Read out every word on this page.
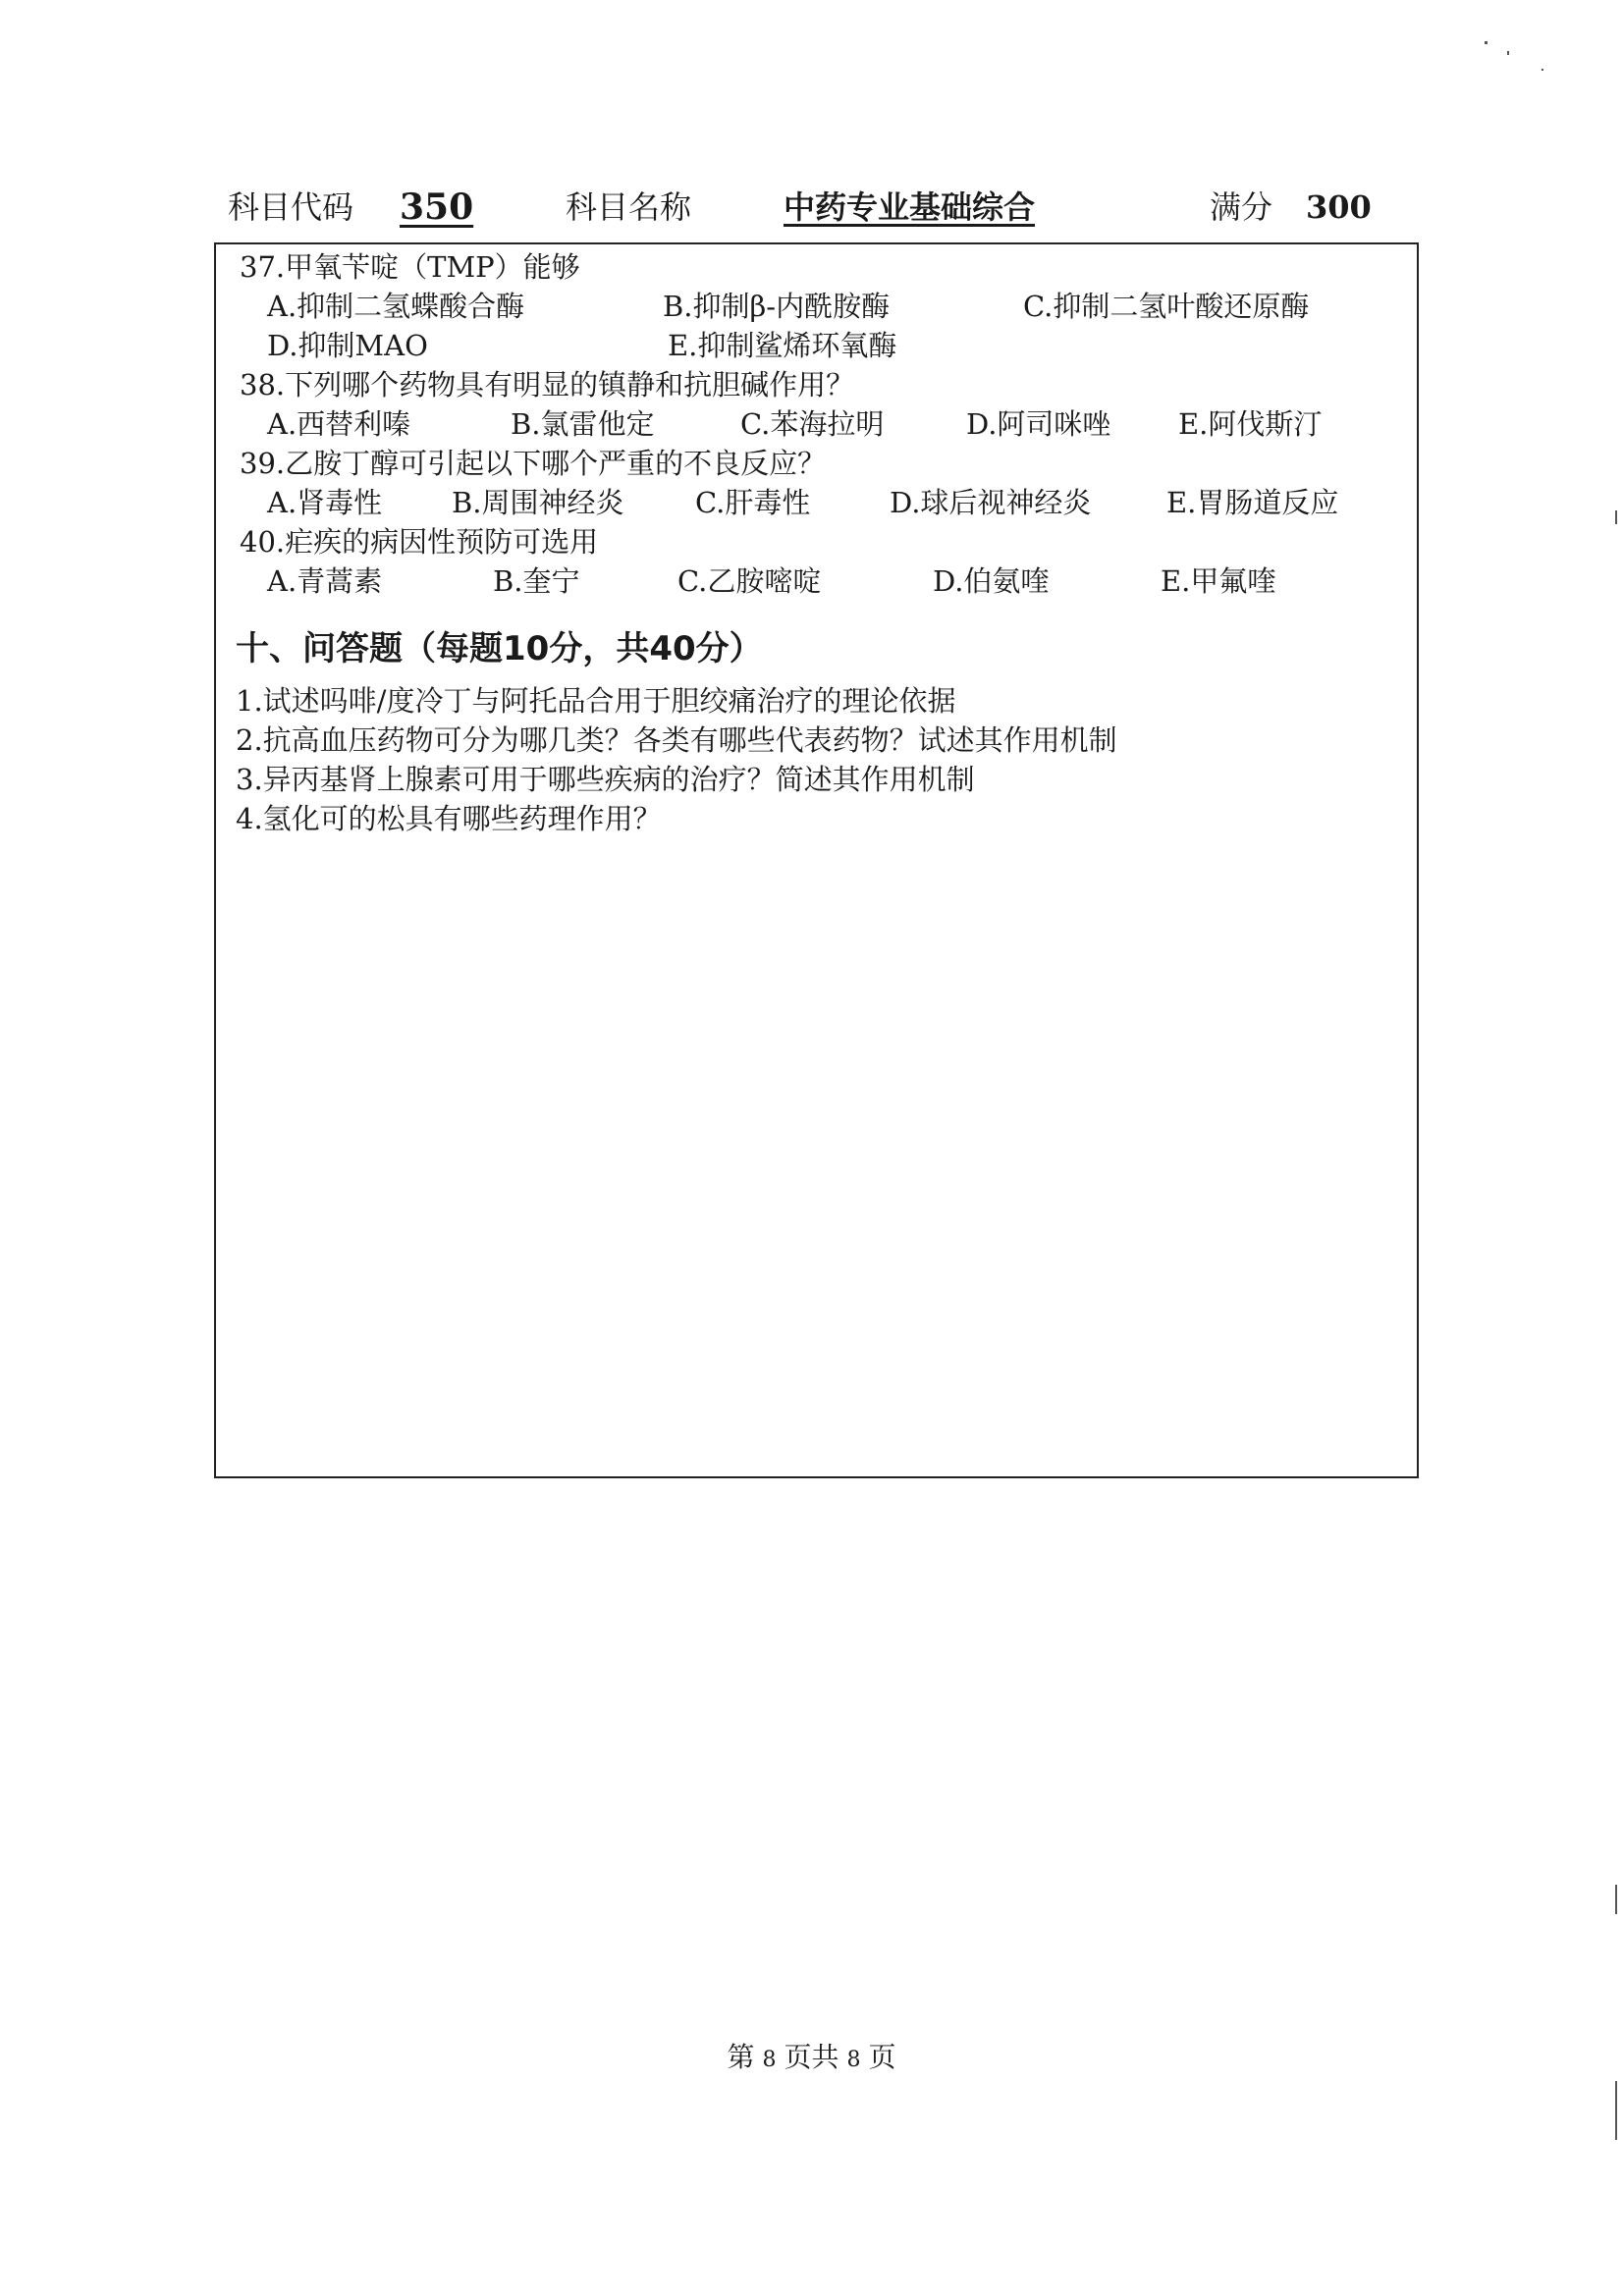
科目代码 350	科目名称	中药专业基础综合	满分 300
37.甲氧苄啶（TMP）能够
A.抑制二氢蝶酸合酶	B.抑制β-内酰胺酶	C.抑制二氢叶酸还原酶
D.抑制MAO	E.抑制鲨烯环氧酶
38.下列哪个药物具有明显的镇静和抗胆碱作用？
A.西替利嗪	B.氯雷他定	C.苯海拉明	D.阿司咪唑 E.阿伐斯汀
39.乙胺丁醇可引起以下哪个严重的不良反应？
A.肾毒性 B.周围神经炎 C.肝毒性	D.球后视神经炎	E.胃肠道反应
40.疟疾的病因性预防可选用
A.青蒿素	B.奎宁	C.乙胺嘧啶	D.伯氨喹	E.甲氟喹
十、问答题（每题10分，共40分）
1.试述吗啡/度冷丁与阿托品合用于胆绞痛治疗的理论依据
2.抗高血压药物可分为哪几类？各类有哪些代表药物？试述其作用机制
3.异丙基肾上腺素可用于哪些疾病的治疗？简述其作用机制
4.氢化可的松具有哪些药理作用？
第 8 页共 8 页
